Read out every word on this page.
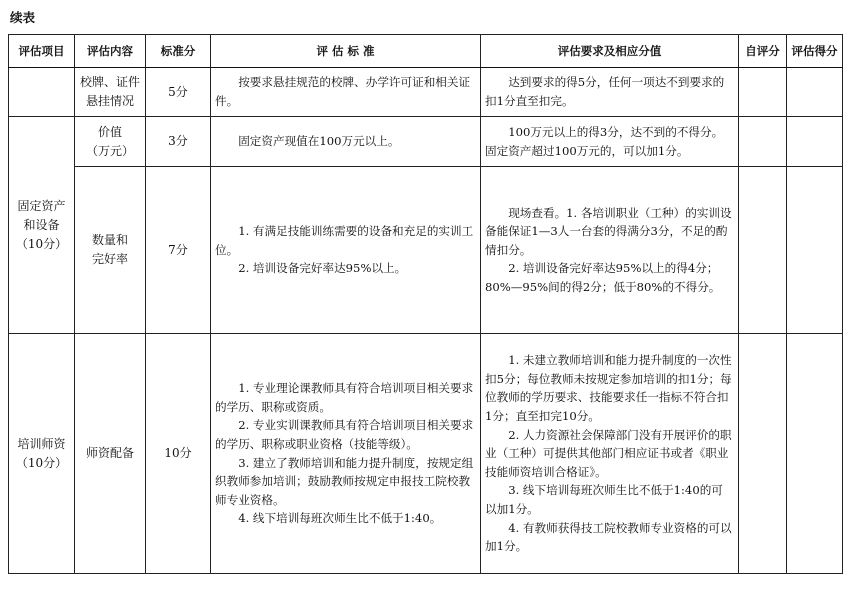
续表
评估项目	评估内容	标准分	评 估 标 准	评估要求及相应分值	自评分	评估得分

	校牌、证件
悬挂情况	5分	按要求悬挂规范的校牌、办学许可证和相关证件。	达到要求的得5分，任何一项达不到要求的扣1分直至扣完。		

固定资产
和设备
（10分）	价值
（万元）	3分	固定资产现值在100万元以上。	100万元以上的得3分，达不到的不得分。固定资产超过100万元的，可以加1分。		

	数量和
完好率	7分	1. 有满足技能训练需要的设备和充足的实训工位。
2. 培训设备完好率达95%以上。	现场查看。1. 各培训职业（工种）的实训设备能保证1—3人一台套的得满分3分，不足的酌情扣分。
2. 培训设备完好率达95%以上的得4分；80%—95%间的得2分；低于80%的不得分。		

培训师资
（10分）	师资配备	10分	1. 专业理论课教师具有符合培训项目相关要求的学历、职称或资质。
2. 专业实训课教师具有符合培训项目相关要求的学历、职称或职业资格（技能等级）。
3. 建立了教师培训和能力提升制度，按规定组织教师参加培训；鼓励教师按规定申报技工院校教师专业资格。
4. 线下培训每班次师生比不低于1:40。	1. 未建立教师培训和能力提升制度的一次性扣5分；每位教师未按规定参加培训的扣1分；每位教师的学历要求、技能要求任一指标不符合扣1分；直至扣完10分。
2. 人力资源社会保障部门没有开展评价的职业（工种）可提供其他部门相应证书或者《职业技能师资培训合格证》。
3. 线下培训每班次师生比不低于1:40的可以加1分。
4. 有教师获得技工院校教师专业资格的可以加1分。		
